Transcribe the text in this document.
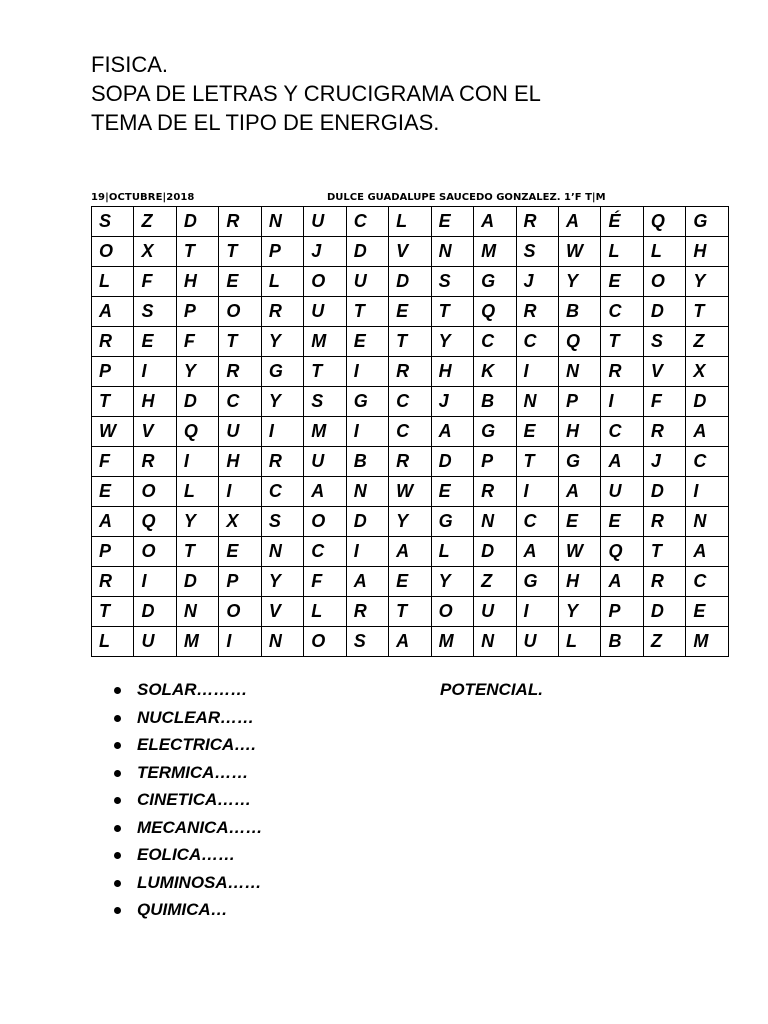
FISICA.
SOPA DE LETRAS Y CRUCIGRAMA CON EL
TEMA DE EL TIPO DE ENERGIAS.
19|OCTUBRE|2018	DULCE GUADALUPE SAUCEDO GONZALEZ. 1’F T|M
S	Z	D	R	N	U	C	L	E	A	R	A	É	Q	G
O	X	T	T	P	J	D	V	N	M	S	W	L	L	H
L	F	H	E	L	O	U	D	S	G	J	Y	E	O	Y
A	S	P	O	R	U	T	E	T	Q	R	B	C	D	T
R	E	F	T	Y	M	E	T	Y	C	C	Q	T	S	Z
P	I	Y	R	G	T	I	R	H	K	I	N	R	V	X
T	H	D	C	Y	S	G	C	J	B	N	P	I	F	D
W	V	Q	U	I	M	I	C	A	G	E	H	C	R	A
F	R	I	H	R	U	B	R	D	P	T	G	A	J	C
E	O	L	I	C	A	N	W	E	R	I	A	U	D	I
A	Q	Y	X	S	O	D	Y	G	N	C	E	E	R	N
P	O	T	E	N	C	I	A	L	D	A	W	Q	T	A
R	I	D	P	Y	F	A	E	Y	Z	G	H	A	R	C
T	D	N	O	V	L	R	T	O	U	I	Y	P	D	E
L	U	M	I	N	O	S	A	M	N	U	L	B	Z	M
SOLAR………
NUCLEAR……
ELECTRICA….
TERMICA……
CINETICA……
MECANICA……
EOLICA……
LUMINOSA……
QUIMICA…
POTENCIAL.
